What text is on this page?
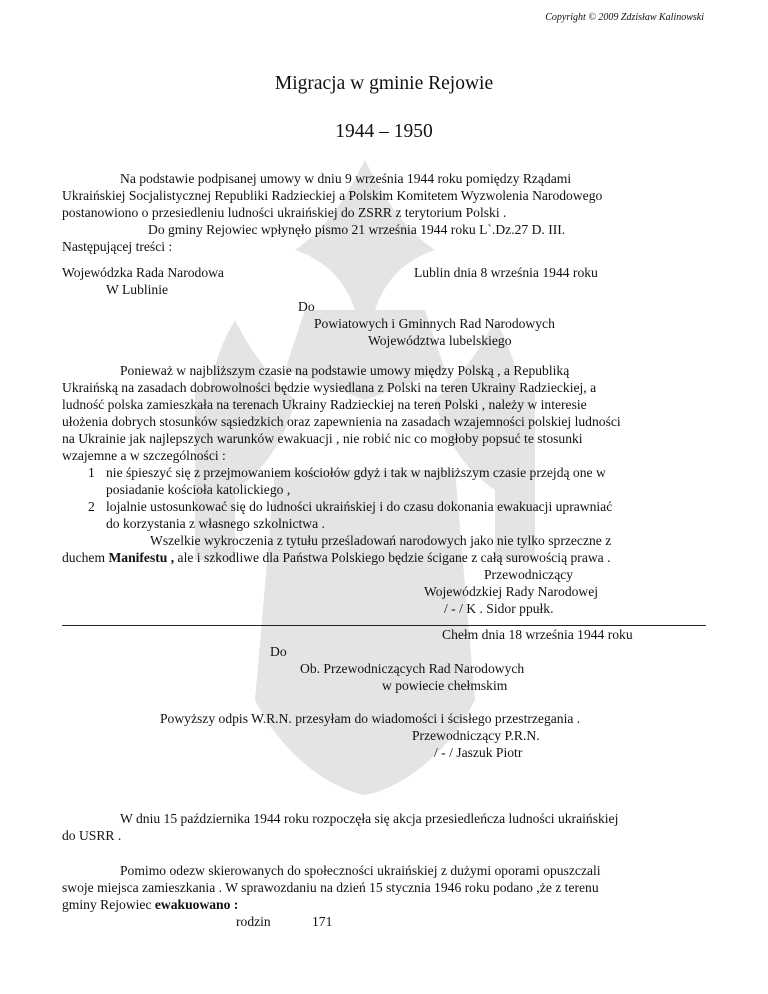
Copyright © 2009 Zdzisław Kalinowski
Migracja w gminie Rejowie
1944 – 1950
Na podstawie podpisanej umowy w dniu 9 września 1944 roku pomiędzy Rządami
Ukraińskiej Socjalistycznej Republiki Radzieckiej a Polskim Komitetem Wyzwolenia Narodowego
postanowiono o przesiedleniu ludności ukraińskiej do ZSRR z terytorium Polski .
Do gminy Rejowiec wpłynęło pismo 21 września 1944 roku L`.Dz.27 D. III.
Następującej treści :
Wojewódzka Rada Narodowa	Lublin dnia 8 września 1944 roku
W Lublinie
Do
Powiatowych i Gminnych Rad Narodowych
Województwa lubelskiego
Ponieważ w najbliższym czasie na podstawie umowy między Polską , a Republiką
Ukraińską na zasadach dobrowolności będzie wysiedlana z Polski na teren Ukrainy Radzieckiej, a
ludność polska zamieszkała na terenach Ukrainy Radzieckiej na teren Polski , należy w interesie
ułożenia dobrych stosunków sąsiedzkich oraz zapewnienia na zasadach wzajemności polskiej ludności
na Ukrainie jak najlepszych warunków ewakuacji , nie robić nic co mogłoby popsuć te stosunki
wzajemne a w szczególności :
1 nie śpieszyć się z przejmowaniem kościołów gdyż i tak w najbliższym czasie przejdą one w
posiadanie kościoła katolickiego ,
2 lojalnie ustosunkować się do ludności ukraińskiej i do czasu dokonania ewakuacji uprawniać
do korzystania z własnego szkolnictwa .
Wszelkie wykroczenia z tytułu prześladowań narodowych jako nie tylko sprzeczne z
duchem Manifestu , ale i szkodliwe dla Państwa Polskiego będzie ścigane z całą surowością prawa .
Przewodniczący
Wojewódzkiej Rady Narodowej
/ - / K . Sidor ppułk.
Chełm dnia 18 września 1944 roku
Do
Ob. Przewodniczących Rad Narodowych
w powiecie chełmskim
Powyższy odpis W.R.N. przesyłam do wiadomości i ścisłego przestrzegania .
Przewodniczący P.R.N.
/ - / Jaszuk Piotr
W dniu 15 października 1944 roku rozpoczęła się akcja przesiedleńcza ludności ukraińskiej
do USRR .
Pomimo odezw skierowanych do społeczności ukraińskiej z dużymi oporami opuszczali
swoje miejsca zamieszkania . W sprawozdaniu na dzień 15 stycznia 1946 roku podano ,że z terenu
gminy Rejowiec ewakuowano :
rodzin	171
